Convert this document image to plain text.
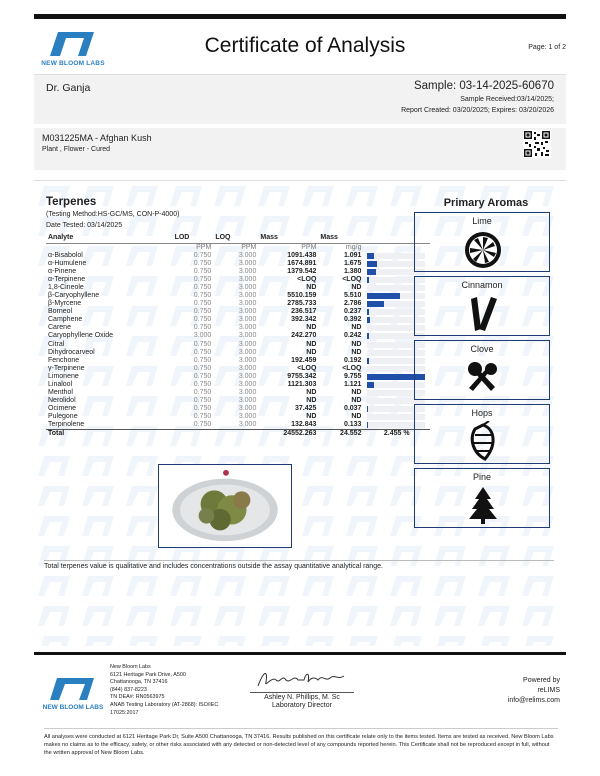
NEW BLOOM LABS
Certificate of Analysis	Page: 1 of 2
Dr. Ganja	Sample: 03-14-2025-60670
Sample Received:03/14/2025;
Report Created: 03/20/2025; Expires: 03/20/2026
M031225MA - Afghan Kush
Plant , Flower - Cured
Terpenes
(Testing Method:HS-GC/MS, CON-P-4000)
Date Tested: 03/14/2025
Analyte	LOD	LOQ	Mass	Mass	
	PPM	PPM	PPM	mg/g	
α-Bisabolol	0.750	3.000	1091.438	1.091	

α-Humulene	0.750	3.000	1674.891	1.675	

α-Pinene	0.750	3.000	1379.542	1.380	

α-Terpinene	0.750	3.000	<LOQ	<LOQ	

1,8-Cineole	0.750	3.000	ND	ND	

β-Caryophyllene	0.750	3.000	5510.159	5.510	

β-Myrcene	0.750	3.000	2785.733	2.786	

Borneol	0.750	3.000	236.517	0.237	

Camphene	0.750	3.000	392.342	0.392	

Carene	0.750	3.000	ND	ND	

Caryophyllene Oxide	3.000	3.000	242.270	0.242	

Citral	0.750	3.000	ND	ND	

Dihydrocarveol	0.750	3.000	ND	ND	

Fenchone	0.750	3.000	192.459	0.192	

γ-Terpinene	0.750	3.000	<LOQ	<LOQ	

Limonene	0.750	3.000	9755.342	9.755	

Linalool	0.750	3.000	1121.303	1.121	

Menthol	0.750	3.000	ND	ND	

Nerolidol	0.750	3.000	ND	ND	

Ocimene	0.750	3.000	37.425	0.037	

Pulegone	0.750	3.000	ND	ND	

Terpinolene	0.750	3.000	132.843	0.133	

Total			24552.263	24.552	2.455 %
Primary Aromas
Lime
Cinnamon
Clove
Hops
Pine
Total terpenes value is qualitative and includes concentrations outside the assay quantitative analytical range.
NEW BLOOM LABS
New Bloom Labs
6121 Heritage Park Drive, A500
Chattanooga, TN 37416
(844) 837-8223
TN DEA#: RN0563975
ANAB Testing Laboratory (AT-2868): ISO/IEC
17025:2017
Ashley N. Phillips, M. Sc
Laboratory Director
Powered by
reLIMS
info@relims.com
All analyses were conducted at 6121 Heritage Park Dr, Suite A500 Chattanooga, TN 37416. Results published on this certificate relate only to the items tested. Items are tested as received. New Bloom Labs makes no claims as to the efficacy, safety, or other risks associated with any detected or non-detected level of any compounds reported herein. This Certificate shall not be reproduced except in full, without the written approval of New Bloom Labs.
